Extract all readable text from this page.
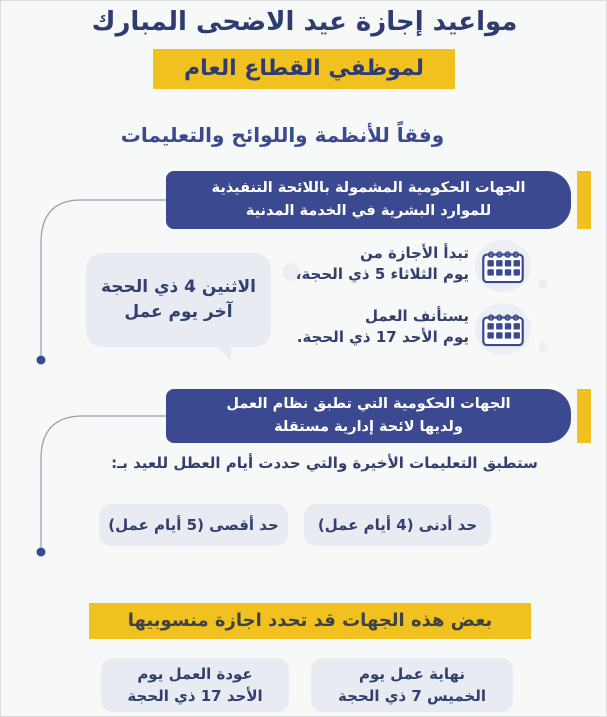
مواعيد إجازة عيد الاضحى المبارك
لموظفي القطاع العام
وفقاً للأنظمة واللوائح والتعليمات
الجهات الحكومية المشمولة باللائحة التنفيذية
للموارد البشرية في الخدمة المدنية
الاثنين 4 ذي الحجة
آخر يوم عمل
تبدأ الأجازة من
يوم الثلاثاء 5 ذي الحجة،
يستأنف العمل
يوم الأحد 17 ذي الحجة.
الجهات الحكومية التي تطبق نظام العمل
ولديها لائحة إدارية مستقلة
ستطبق التعليمات الأخيرة والتي حددت أيام العطل للعيد بـ:
حد أدنى (4 أيام عمل)
حد أقصى (5 أيام عمل)
بعض هذه الجهات قد تحدد اجازة منسوبيها
نهاية عمل يوم
الخميس 7 ذي الحجة
عودة العمل يوم
الأحد 17 ذي الحجة
